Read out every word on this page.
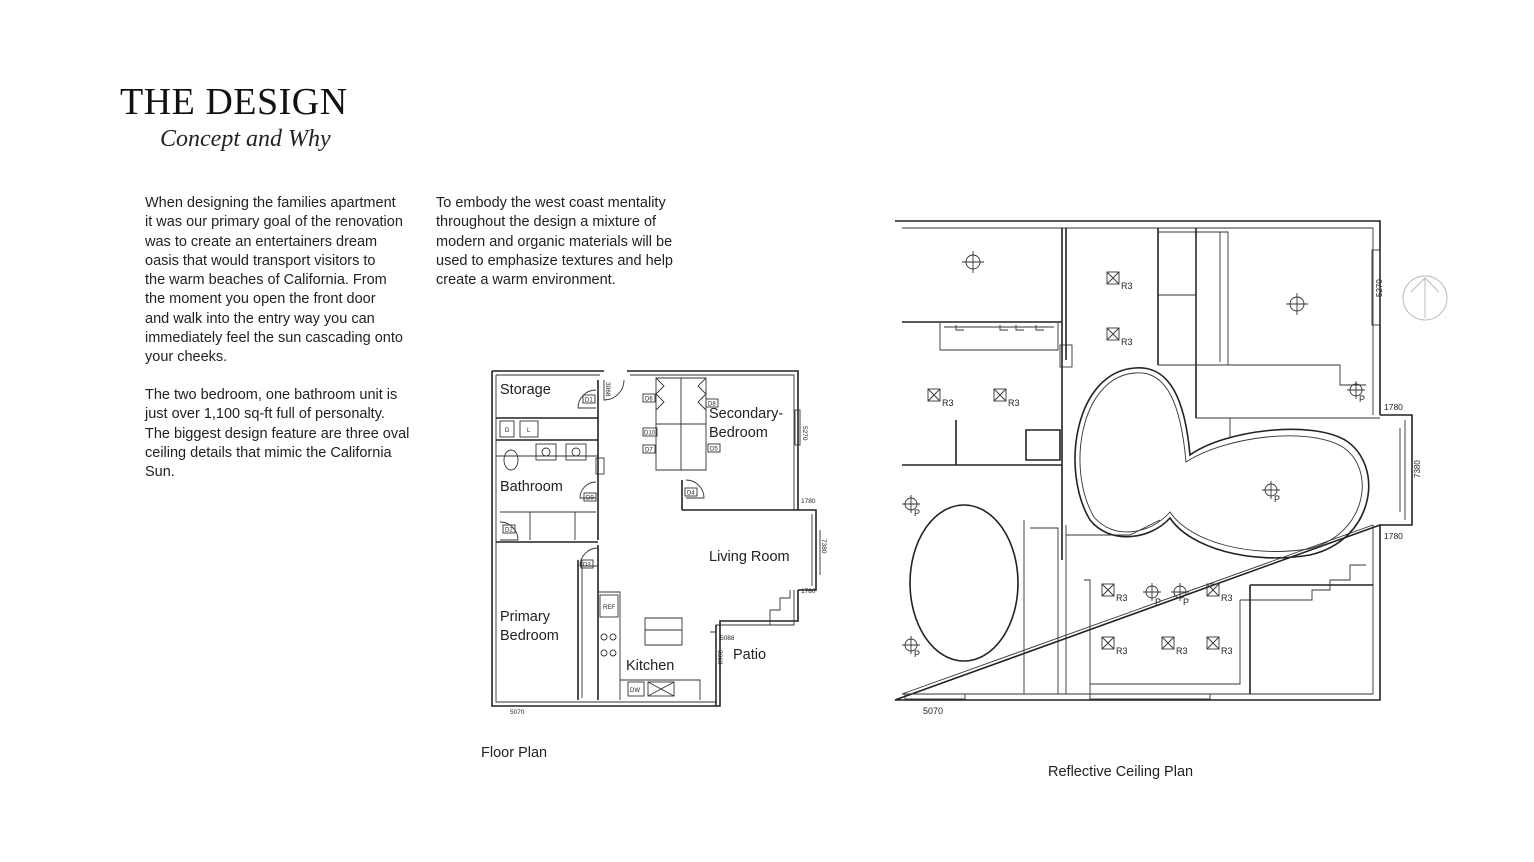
THE DESIGN
Concept and Why

When designing the families apartment
it was our primary goal of the renovation
was to create an entertainers dream
oasis that would transport visitors to
the warm beaches of California. From
the moment you open the front door
and walk into the entry way you can
immediately feel the sun cascading onto
your cheeks.

The two bedroom, one bathroom unit is
just over 1,100 sq-ft full of personalty.
The biggest design feature are three oval
ceiling details that mimic the California
Sun.

To embody the west coast mentality
throughout the design a mixture of
modern and organic materials will be
used to emphasize textures and help
create a warm environment.

Storage
Secondary-
Bedroom
Bathroom
Living Room
Primary
Bedroom
Kitchen
Patio
D1
D2
D3
D4
D5
D6
D7
D8
D9
D10
REF
DW
D	L	5270
3068
1780
7380
1780
5088
3068
5070
R3
R3
R3	R3
R3	R3
R3	R3	R3
P
P
P
P
P P
5270
1780
7380
1780
5070
Floor Plan
Reflective Ceiling Plan
